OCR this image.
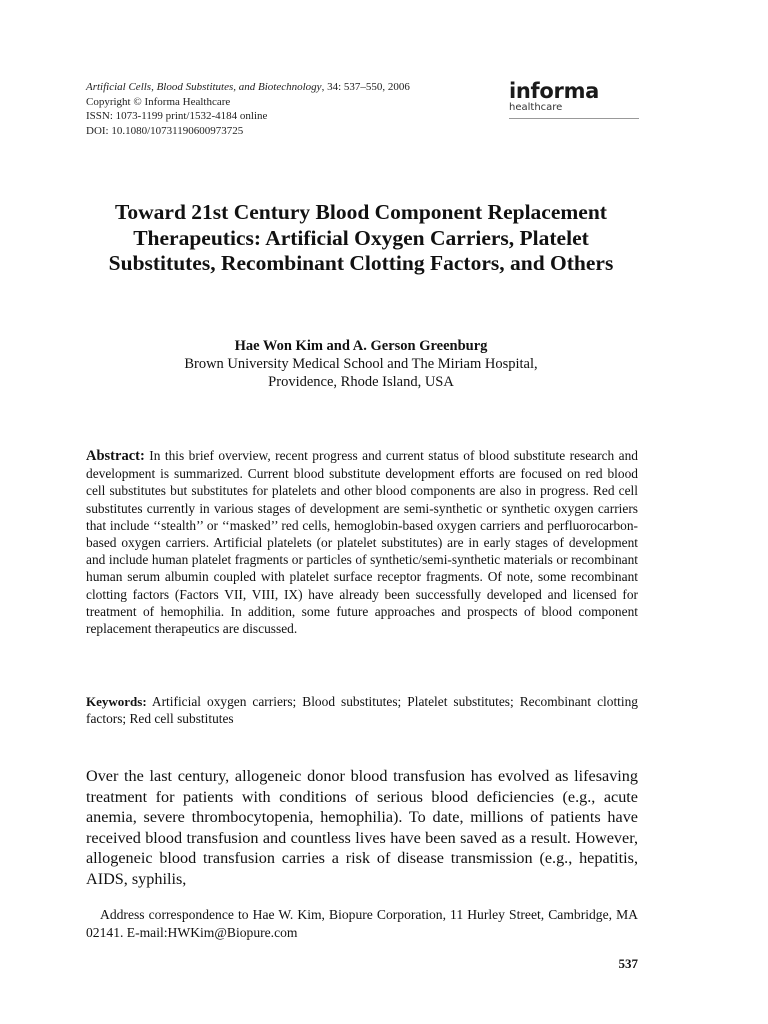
Artificial Cells, Blood Substitutes, and Biotechnology, 34: 537–550, 2006
Copyright © Informa Healthcare
ISSN: 1073-1199 print/1532-4184 online
DOI: 10.1080/10731190600973725
informa
healthcare
Toward 21st Century Blood Component Replacement Therapeutics: Artificial Oxygen Carriers, Platelet Substitutes, Recombinant Clotting Factors, and Others
Hae Won Kim and A. Gerson Greenburg
Brown University Medical School and The Miriam Hospital,
Providence, Rhode Island, USA

Abstract: In this brief overview, recent progress and current status of blood substitute research and development is summarized. Current blood substitute development efforts are focused on red blood cell substitutes but substitutes for platelets and other blood components are also in progress. Red cell substitutes currently in various stages of development are semi-synthetic or synthetic oxygen carriers that include ‘‘stealth’’ or ‘‘masked’’ red cells, hemoglobin-based oxygen carriers and perfluorocarbon-based oxygen carriers. Artificial platelets (or platelet substitutes) are in early stages of development and include human platelet fragments or particles of synthetic/semi-synthetic materials or recombinant human serum albumin coupled with platelet surface receptor fragments. Of note, some recombinant clotting factors (Factors VII, VIII, IX) have already been successfully developed and licensed for treatment of hemophilia. In addition, some future approaches and prospects of blood component replacement therapeutics are discussed.

Keywords: Artificial oxygen carriers; Blood substitutes; Platelet substitutes; Recombinant clotting factors; Red cell substitutes

Over the last century, allogeneic donor blood transfusion has evolved as lifesaving treatment for patients with conditions of serious blood deficiencies (e.g., acute anemia, severe thrombocytopenia, hemophilia). To date, millions of patients have received blood transfusion and countless lives have been saved as a result. However, allogeneic blood transfusion carries a risk of disease transmission (e.g., hepatitis, AIDS, syphilis,

Address correspondence to Hae W. Kim, Biopure Corporation, 11 Hurley Street, Cambridge, MA 02141. E-mail:HWKim@Biopure.com

537
